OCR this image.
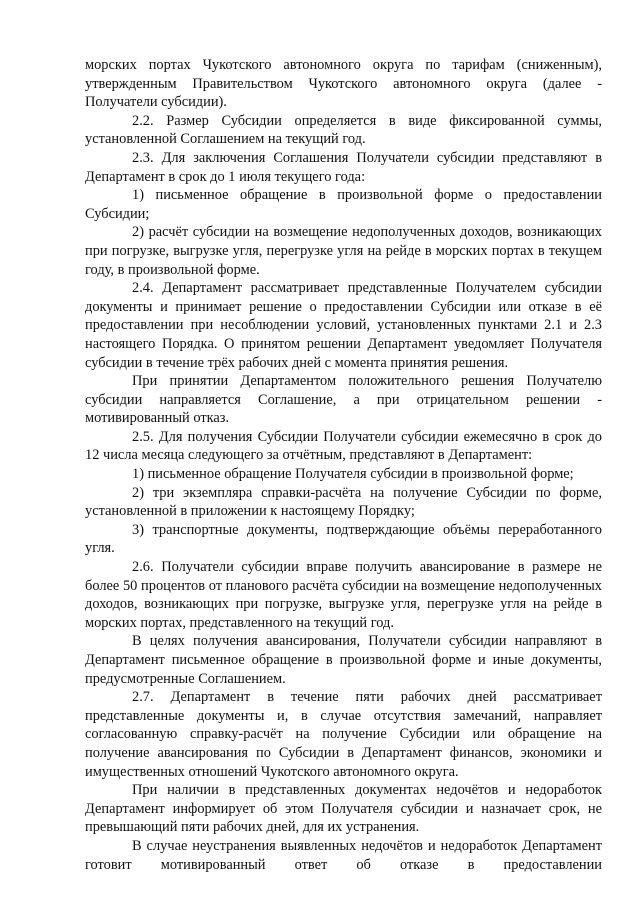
морских портах Чукотского автономного округа по тарифам (сниженным), утвержденным Правительством Чукотского автономного округа (далее - Получатели субсидии).

2.2. Размер Субсидии определяется в виде фиксированной суммы, установленной Соглашением на текущий год.

2.3. Для заключения Соглашения Получатели субсидии представляют в Департамент в срок до 1 июля текущего года:

1) письменное обращение в произвольной форме о предоставлении Субсидии;

2) расчёт субсидии на возмещение недополученных доходов, возникающих при погрузке, выгрузке угля, перегрузке угля на рейде в морских портах в текущем году, в произвольной форме.

2.4. Департамент рассматривает представленные Получателем субсидии документы и принимает решение о предоставлении Субсидии или отказе в её предоставлении при несоблюдении условий, установленных пунктами 2.1 и 2.3 настоящего Порядка. О принятом решении Департамент уведомляет Получателя субсидии в течение трёх рабочих дней с момента принятия решения.

При принятии Департаментом положительного решения Получателю субсидии направляется Соглашение, а при отрицательном решении - мотивированный отказ.

2.5. Для получения Субсидии Получатели субсидии ежемесячно в срок до 12 числа месяца следующего за отчётным, представляют в Департамент:

1) письменное обращение Получателя субсидии в произвольной форме;

2) три экземпляра справки-расчёта на получение Субсидии по форме, установленной в приложении к настоящему Порядку;

3) транспортные документы, подтверждающие объёмы переработанного угля.

2.6. Получатели субсидии вправе получить авансирование в размере не более 50 процентов от планового расчёта субсидии на возмещение недополученных доходов, возникающих при погрузке, выгрузке угля, перегрузке угля на рейде в морских портах, представленного на текущий год.

В целях получения авансирования, Получатели субсидии направляют в Департамент письменное обращение в произвольной форме и иные документы, предусмотренные Соглашением.

2.7. Департамент в течение пяти рабочих дней рассматривает представленные документы и, в случае отсутствия замечаний, направляет согласованную справку-расчёт на получение Субсидии или обращение на получение авансирования по Субсидии в Департамент финансов, экономики и имущественных отношений Чукотского автономного округа.

При наличии в представленных документах недочётов и недоработок Департамент информирует об этом Получателя субсидии и назначает срок, не превышающий пяти рабочих дней, для их устранения.

В случае неустранения выявленных недочётов и недоработок Департамент готовит мотивированный ответ об отказе в предоставлении
